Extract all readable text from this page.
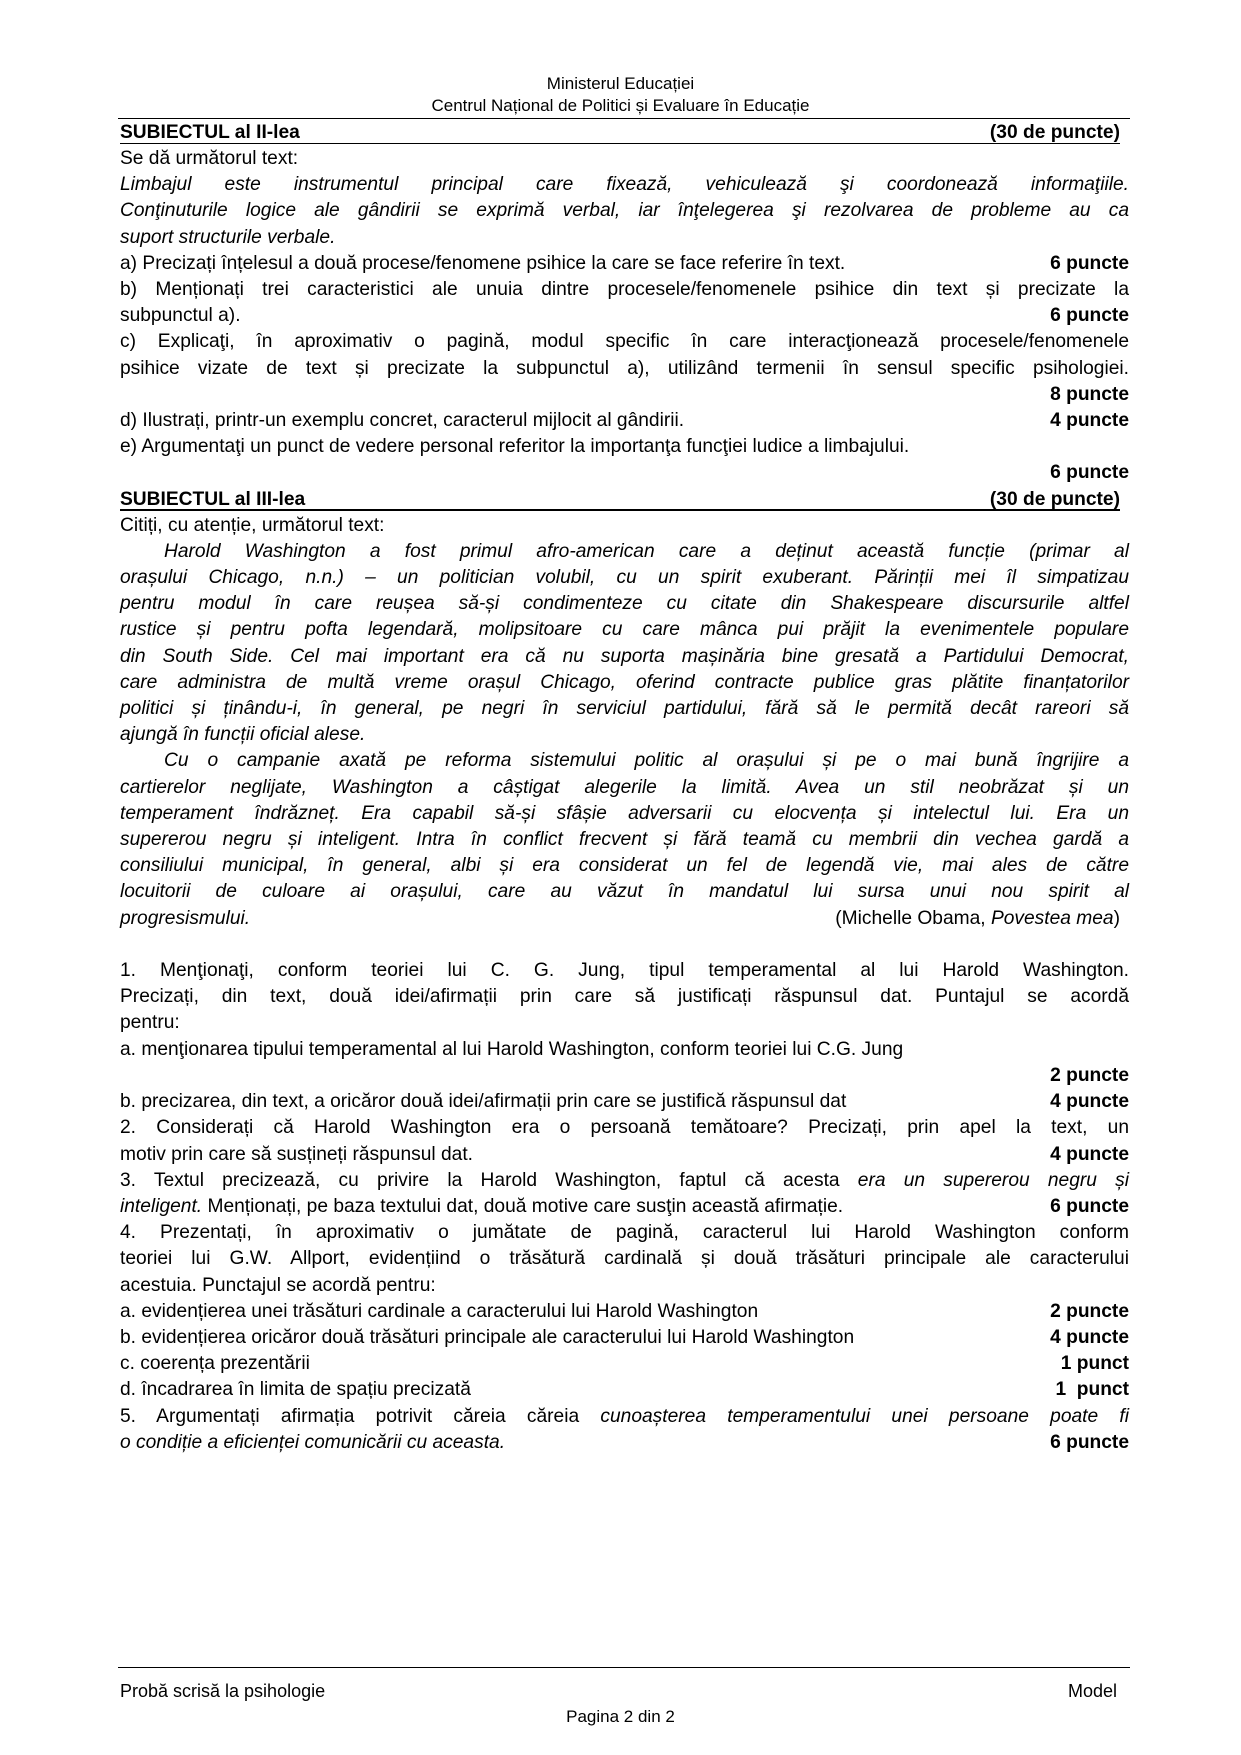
Ministerul Educației
Centrul Național de Politici și Evaluare în Educație
SUBIECTUL al II-lea	(30 de puncte)
Se dă următorul text:
Limbajul este instrumentul principal care fixează, vehiculează şi coordonează informaţiile.
Conţinuturile logice ale gândirii se exprimă verbal, iar înţelegerea şi rezolvarea de probleme au ca
suport structurile verbale.
a) Precizați înțelesul a două procese/fenomene psihice la care se face referire în text.	6 puncte
b) Menționați trei caracteristici ale unuia dintre procesele/fenomenele psihice din text și precizate la
subpunctul a).	6 puncte
c) Explicaţi, în aproximativ o pagină, modul specific în care interacţionează procesele/fenomenele
psihice vizate de text și precizate la subpunctul a), utilizând termenii în sensul specific psihologiei.
8 puncte
d) Ilustrați, printr-un exemplu concret, caracterul mijlocit al gândirii.	4 puncte
e) Argumentaţi un punct de vedere personal referitor la importanţa funcţiei ludice a limbajului.
6 puncte
SUBIECTUL al III-lea	(30 de puncte)
Citiți, cu atenție, următorul text:
Harold Washington a fost primul afro-american care a deținut această funcție (primar al
orașului Chicago, n.n.) – un politician volubil, cu un spirit exuberant. Părinții mei îl simpatizau
pentru modul în care reușea să-și condimenteze cu citate din Shakespeare discursurile altfel
rustice și pentru pofta legendară, molipsitoare cu care mânca pui prăjit la evenimentele populare
din South Side. Cel mai important era că nu suporta mașinăria bine gresată a Partidului Democrat,
care administra de multă vreme orașul Chicago, oferind contracte publice gras plătite finanțatorilor
politici și ținându-i, în general, pe negri în serviciul partidului, fără să le permită decât rareori să
ajungă în funcții oficial alese.
Cu o campanie axată pe reforma sistemului politic al orașului și pe o mai bună îngrijire a
cartierelor neglijate, Washington a câștigat alegerile la limită. Avea un stil neobrăzat și un
temperament îndrăzneț. Era capabil să-și sfâșie adversarii cu elocvența și intelectul lui. Era un
supererou negru și inteligent. Intra în conflict frecvent și fără teamă cu membrii din vechea gardă a
consiliului municipal, în general, albi și era considerat un fel de legendă vie, mai ales de către
locuitorii de culoare ai orașului, care au văzut în mandatul lui sursa unui nou spirit al
progresismului.	(Michelle Obama, Povestea mea)
1. Menţionaţi, conform teoriei lui C. G. Jung, tipul temperamental al lui Harold Washington.
Precizați, din text, două idei/afirmații prin care să justificați răspunsul dat. Puntajul se acordă
pentru:
a. menţionarea tipului temperamental al lui Harold Washington, conform teoriei lui C.G. Jung
2 puncte
b. precizarea, din text, a oricăror două idei/afirmații prin care se justifică răspunsul dat	4 puncte
2. Considerați că Harold Washington era o persoană temătoare? Precizați, prin apel la text, un
motiv prin care să susțineți răspunsul dat.	4 puncte
3. Textul precizează, cu privire la Harold Washington, faptul că acesta era un supererou negru și
inteligent. Menționați, pe baza textului dat, două motive care susţin această afirmație.	6 puncte
4. Prezentați, în aproximativ o jumătate de pagină, caracterul lui Harold Washington conform
teoriei lui G.W. Allport, evidențiind o trăsătură cardinală și două trăsături principale ale caracterului
acestuia. Punctajul se acordă pentru:
a. evidențierea unei trăsături cardinale a caracterului lui Harold Washington	2 puncte
b. evidențierea oricăror două trăsături principale ale caracterului lui Harold Washington	4 puncte
c. coerența prezentării	1 punct
d. încadrarea în limita de spațiu precizată	1  punct
5. Argumentați afirmația potrivit căreia căreia cunoașterea temperamentului unei persoane poate fi
o condiție a eficienței comunicării cu aceasta.	6 puncte
Probă scrisă la psihologie	Model
Pagina 2 din 2
